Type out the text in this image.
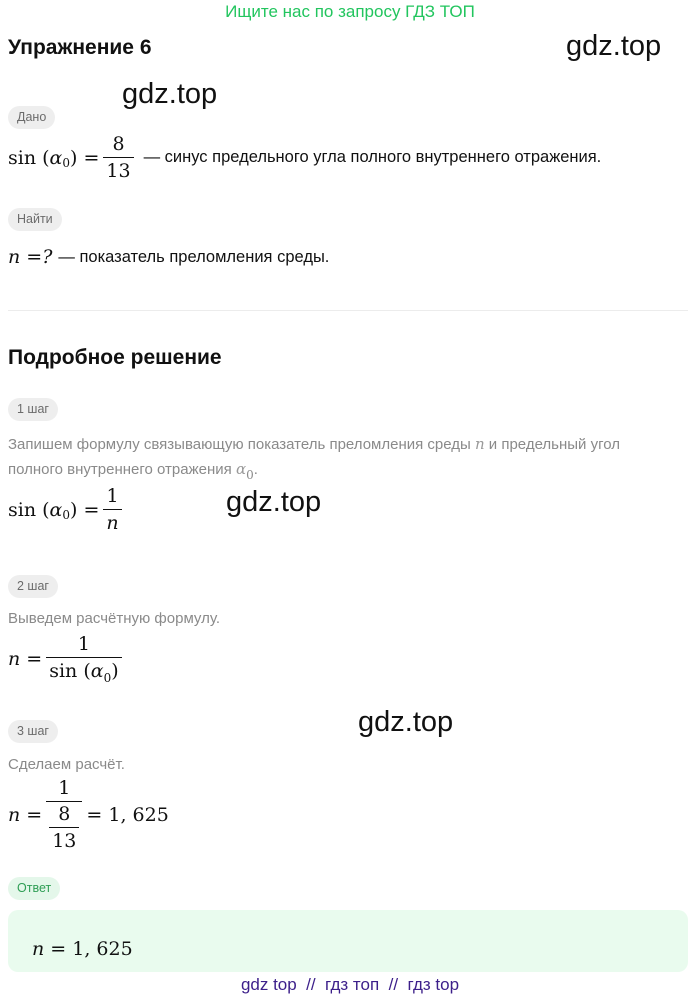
Ищите нас по запросу ГДЗ ТОП
Упражнение 6	gdz.top
gdz.top
Дано
sin ( α 0 ) = $\frac{8}{13}$ — синус предельного угла полного внутреннего отражения.
Найти
n =? — показатель преломления среды.
Подробное решение
1 шаг
Запишем формулу связывающую показатель преломления среды n и предельный угол
полного внутреннего отражения $\alpha_0$.
sin ( α 0 ) = $\frac{1}{n}$	gdz.top
2 шаг
Выведем расчётную формулу.
$n = \frac{1}{\sin (\alpha_0)}$
gdz.top
3 шаг
Сделаем расчёт.
$n = \frac{1}{\frac{8}{13}} = 1$, 625
Ответ
n = 1, 625
gdz top  //  гдз топ  //  гдз top
